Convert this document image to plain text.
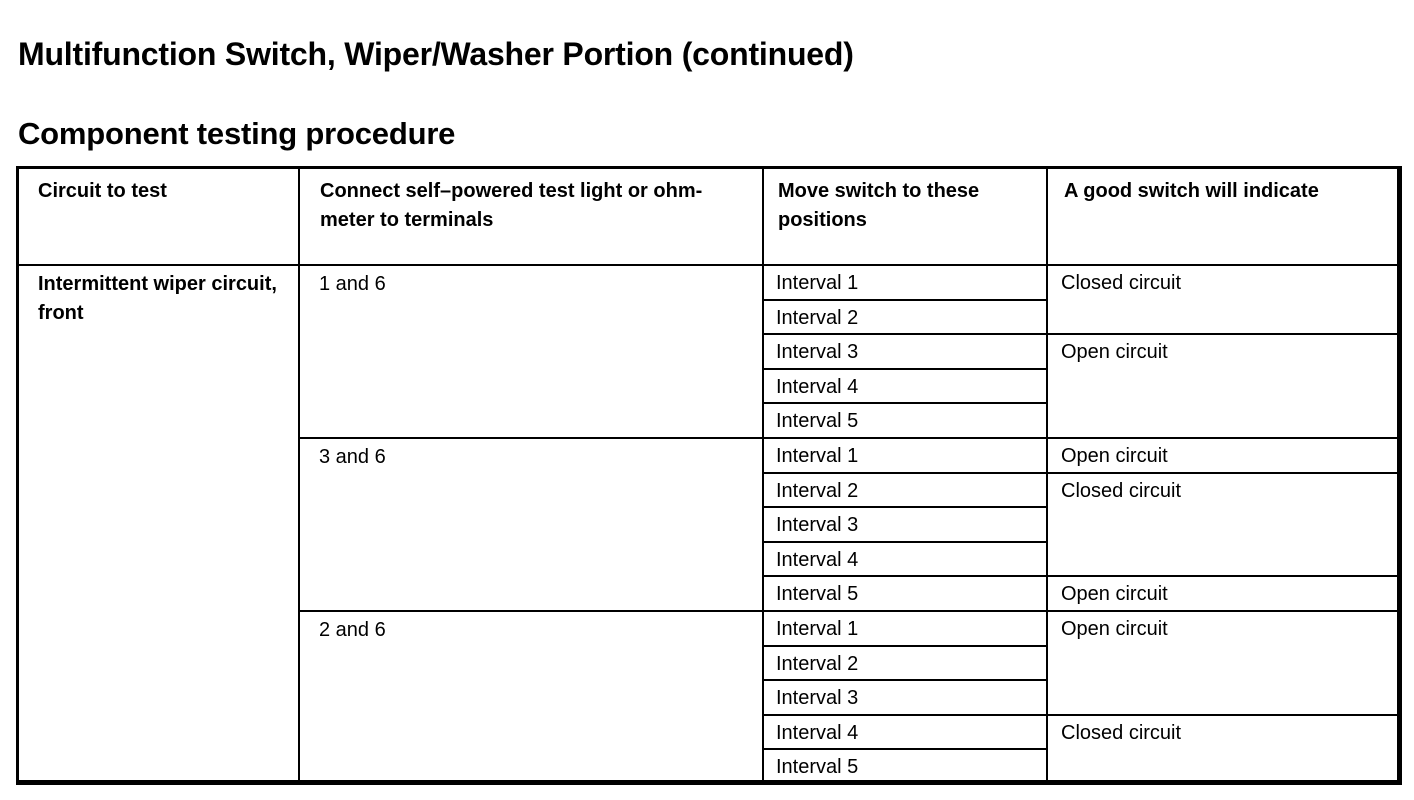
Multifunction Switch, Wiper/Washer Portion (continued)
Component testing procedure
Circuit to test	Connect self–powered test light or ohm-meter to terminals	Move switch to these positions	A good switch will indicate
Intermittent wiper circuit, front	1 and 6	Interval 1	Closed circuit
		Interval 2	
		Interval 3	Open circuit
		Interval 4	
		Interval 5	
	3 and 6	Interval 1	Open circuit
		Interval 2	Closed circuit
		Interval 3	
		Interval 4	
		Interval 5	Open circuit
	2 and 6	Interval 1	Open circuit
		Interval 2	
		Interval 3	
		Interval 4	Closed circuit
		Interval 5	
